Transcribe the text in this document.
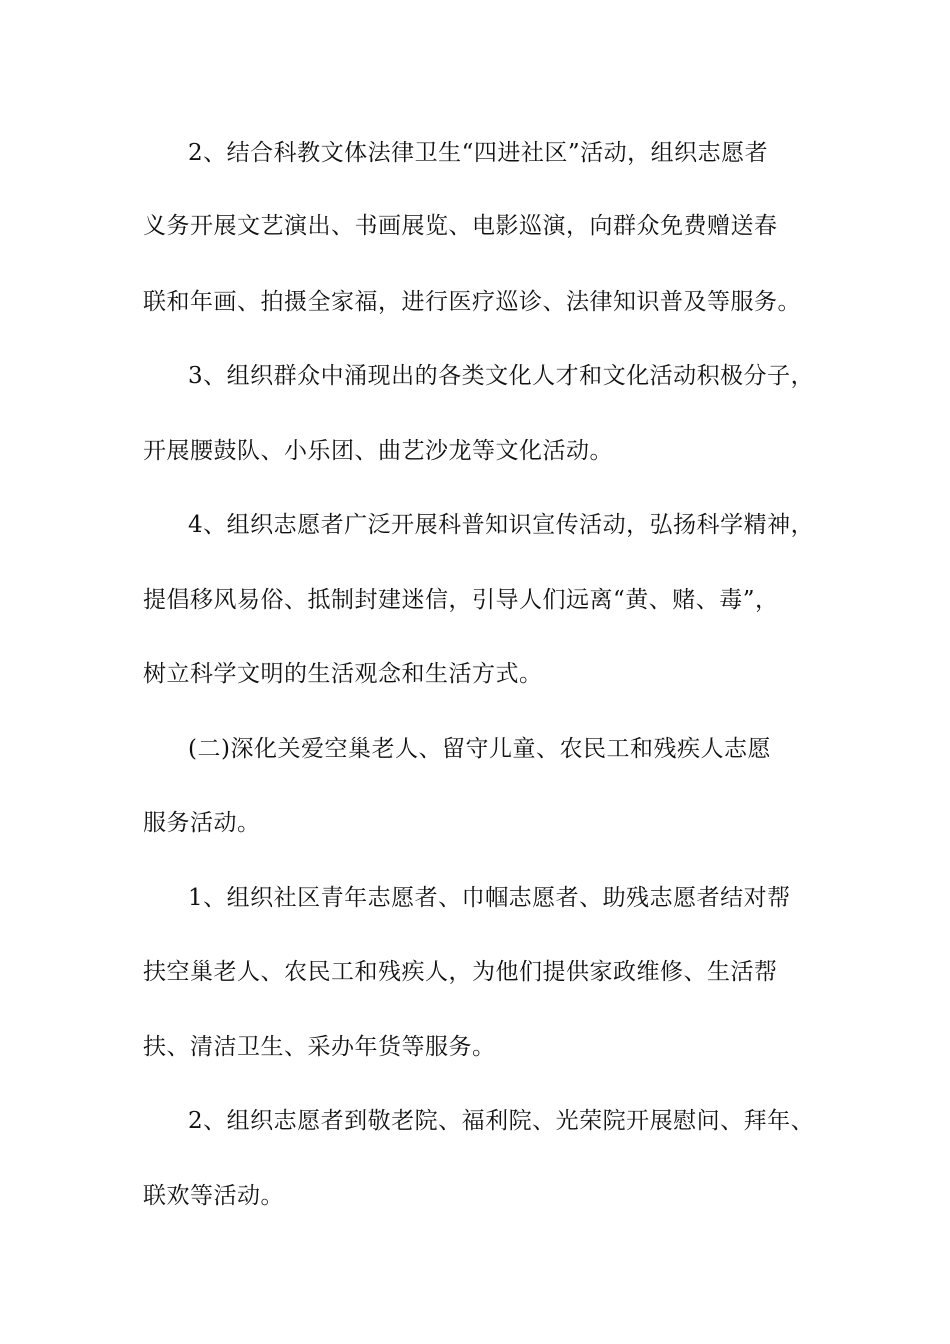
2、结合科教文体法律卫生“四进社区”活动，组织志愿者
义务开展文艺演出、书画展览、电影巡演，向群众免费赠送春
联和年画、拍摄全家福，进行医疗巡诊、法律知识普及等服务。
3、组织群众中涌现出的各类文化人才和文化活动积极分子，
开展腰鼓队、小乐团、曲艺沙龙等文化活动。
4、组织志愿者广泛开展科普知识宣传活动，弘扬科学精神，
提倡移风易俗、抵制封建迷信，引导人们远离“黄、赌、毒”，
树立科学文明的生活观念和生活方式。
(二)深化关爱空巢老人、留守儿童、农民工和残疾人志愿
服务活动。
1、组织社区青年志愿者、巾帼志愿者、助残志愿者结对帮
扶空巢老人、农民工和残疾人，为他们提供家政维修、生活帮
扶、清洁卫生、采办年货等服务。
2、组织志愿者到敬老院、福利院、光荣院开展慰问、拜年、
联欢等活动。
